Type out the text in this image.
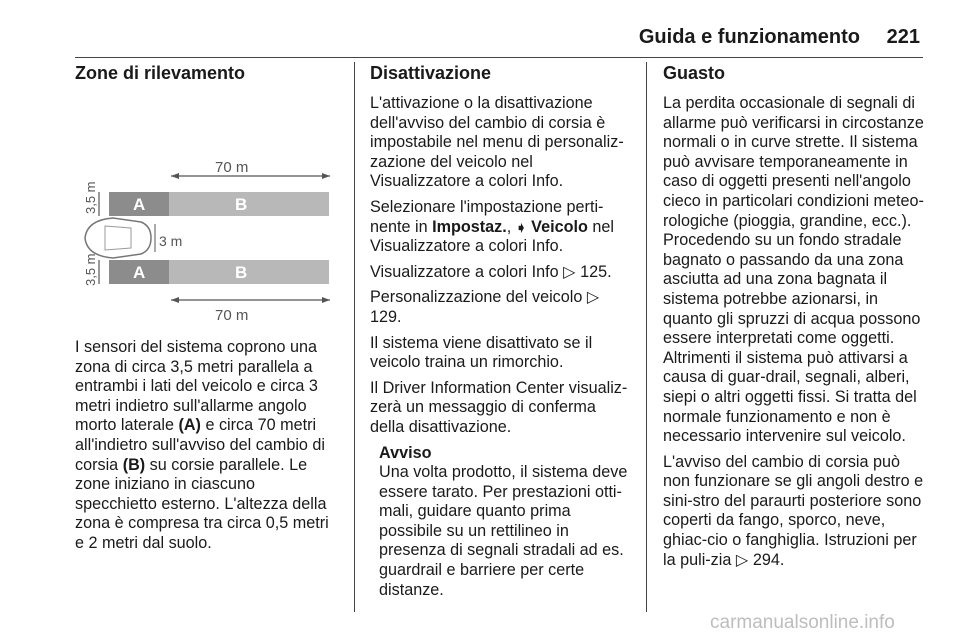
Guida e funzionamento 221
Zone di rilevamento
70 m
A	B
3,5 m
3 m
A	B
3,5 m
70 m

I sensori del sistema coprono una zona di circa 3,5 metri parallela a entrambi i lati del veicolo e circa 3 metri indietro sull'allarme angolo morto laterale (A) e circa 70 metri all'indietro sull'avviso del cambio di corsia (B) su corsie parallele. Le zone iniziano in ciascuno specchietto esterno. L'altezza della zona è compresa tra circa 0,5 metri e 2 metri dal suolo.

Disattivazione

L'attivazione o la disattivazione dell'avviso del cambio di corsia è impostabile nel menu di personaliz-zazione del veicolo nel Visualizzatore a colori Info.

Selezionare l'impostazione perti-nente in Impostaz., ➧ Veicolo nel Visualizzatore a colori Info.

Visualizzatore a colori Info ▷ 125.

Personalizzazione del veicolo ▷ 129.

Il sistema viene disattivato se il veicolo traina un rimorchio.

Il Driver Information Center visualiz-zerà un messaggio di conferma della disattivazione.

Avviso
Una volta prodotto, il sistema deve essere tarato. Per prestazioni otti-mali, guidare quanto prima possibile su un rettilineo in presenza di segnali stradali ad es. guardrail e barriere per certe distanze.
Guasto

La perdita occasionale di segnali di allarme può verificarsi in circostanze normali o in curve strette. Il sistema può avvisare temporaneamente in caso di oggetti presenti nell'angolo cieco in particolari condizioni meteo-rologiche (pioggia, grandine, ecc.). Procedendo su un fondo stradale bagnato o passando da una zona asciutta ad una zona bagnata il sistema potrebbe azionarsi, in quanto gli spruzzi di acqua possono essere interpretati come oggetti. Altrimenti il sistema può attivarsi a causa di guar-drail, segnali, alberi, siepi o altri oggetti fissi. Si tratta del normale funzionamento e non è necessario intervenire sul veicolo.

L'avviso del cambio di corsia può non funzionare se gli angoli destro e sini-stro del paraurti posteriore sono coperti da fango, sporco, neve, ghiac-cio o fanghiglia. Istruzioni per la puli-zia ▷ 294.

carmanualsonline.info
